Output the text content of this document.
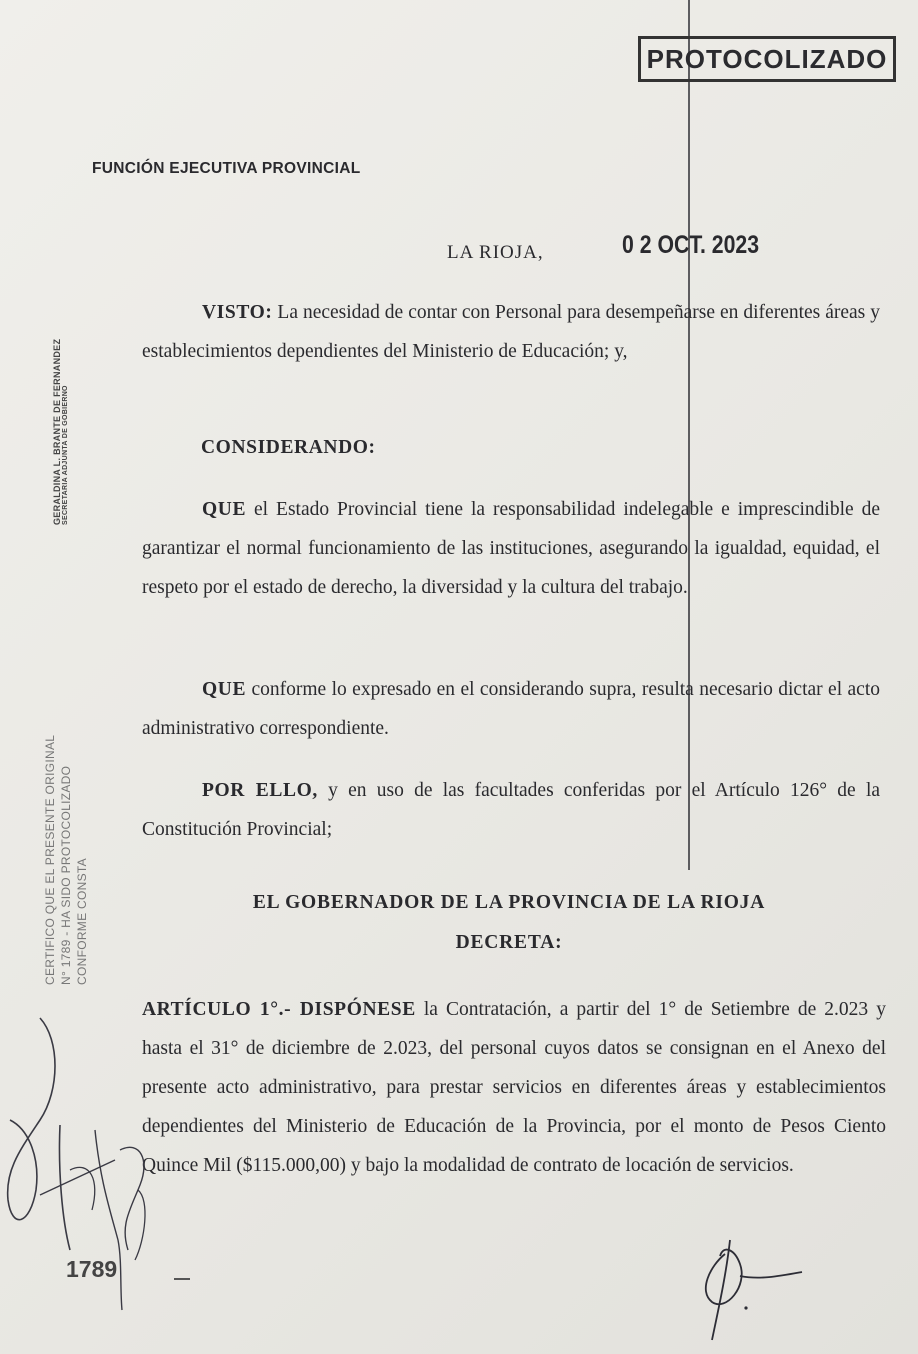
PROTOCOLIZADO
FUNCIÓN EJECUTIVA PROVINCIAL
LA RIOJA,	0 2 OCT. 2023
VISTO: La necesidad de contar con Personal para desempeñarse en diferentes áreas y establecimientos dependientes del Ministerio de Educación; y,
CONSIDERANDO:
QUE el Estado Provincial tiene la responsabilidad indelegable e imprescindible de garantizar el normal funcionamiento de las instituciones, asegurando la igualdad, equidad, el respeto por el estado de derecho, la diversidad y la cultura del trabajo.
QUE conforme lo expresado en el considerando supra, resulta necesario dictar el acto administrativo correspondiente.
POR ELLO, y en uso de las facultades conferidas por el Artículo 126° de la Constitución Provincial;
EL GOBERNADOR DE LA PROVINCIA DE LA RIOJA
DECRETA:
ARTÍCULO 1°.- DISPÓNESE la Contratación, a partir del 1° de Setiembre de 2.023 y hasta el 31° de diciembre de 2.023, del personal cuyos datos se consignan en el Anexo del presente acto administrativo, para prestar servicios en diferentes áreas y establecimientos dependientes del Ministerio de Educación de la Provincia, por el monto de Pesos Ciento Quince Mil ($115.000,00) y bajo la modalidad de contrato de locación de servicios.
GERALDINA L. BRANTE DE FERNANDEZ SECRETARIA ADJUNTA DE GOBIERNO
CERTIFICO QUE EL PRESENTE ORIGINAL N° 1789 - HA SIDO PROTOCOLIZADO CONFORME CONSTA
1789
